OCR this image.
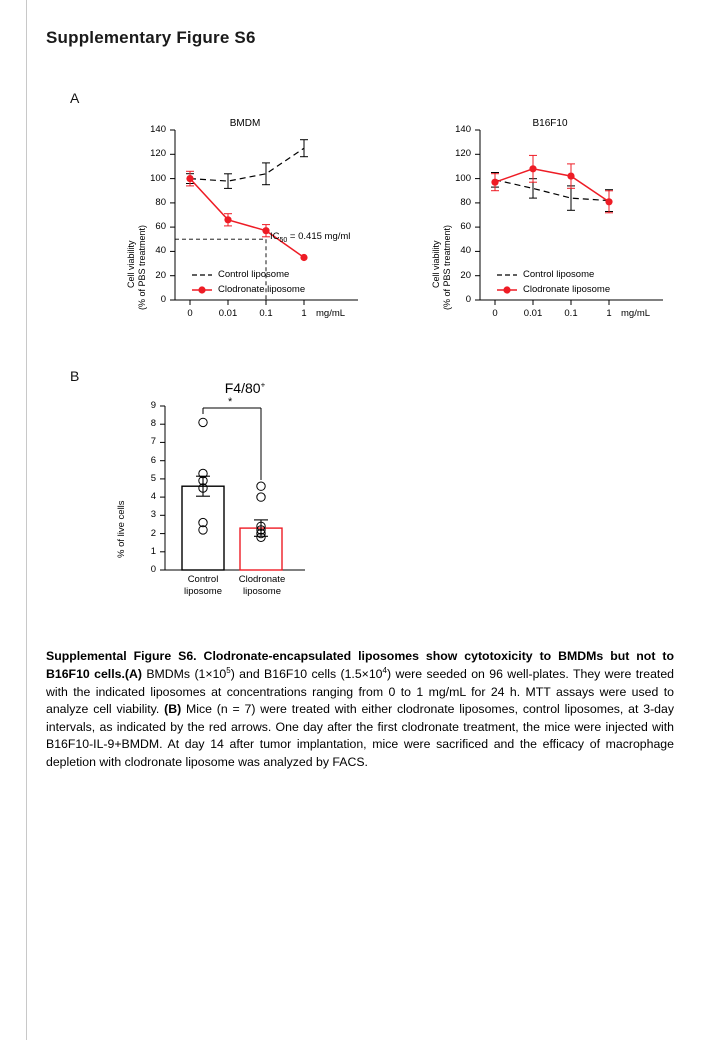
Supplementary Figure S6
A
B
BMDM
Cell viability (% of PBS treatment)	0
20
40
60
80
100
120
140
0	0.01	0.1	1 mg/mL
$IC_{50} = 0.415$ mg/ml
Control liposome
Clodronate liposome
B16F10
Cell viability (% of PBS treatment)	0
20
40
60
80
100
120
140
0	0.01	0.1	1 mg/mL
Control liposome
Clodronate liposome
F4/80+
% of live cells
0
1
2
3
4
5
6
7
8
9	*
Control
liposome
Clodronate
liposome
Supplemental Figure S6. Clodronate-encapsulated liposomes show cytotoxicity to BMDMs but not to B16F10 cells.(A) BMDMs $(1\times 10^5)$ and B16F10 cells $(1.5\times 10^4)$ were seeded on 96 well-plates. They were treated with the indicated liposomes at concentrations ranging from 0 to 1 mg/mL for 24 h. MTT assays were used to analyze cell viability. (B) Mice (n = 7) were treated with either clodronate liposomes, control liposomes, at 3-day intervals, as indicated by the red arrows. One day after the first clodronate treatment, the mice were injected with B16F10-IL-9+BMDM. At day 14 after tumor implantation, mice were sacrificed and the efficacy of macrophage depletion with clodronate liposome was analyzed by FACS.
